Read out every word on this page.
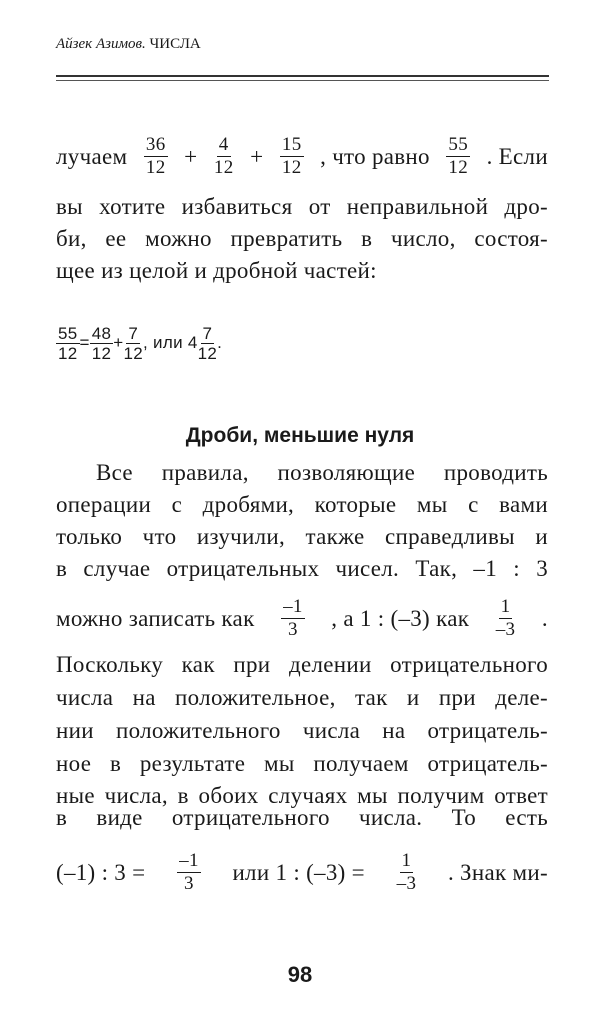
Айзек Азимов. ЧИСЛА
лучаем $\frac{36}{12} + \frac{4}{12} + \frac{15}{12}$ , что равно $\frac{55}{12}$ . Если
вы хотите избавиться от неправильной дро-
би, ее можно превратить в число, состоя-
щее из целой и дробной частей:
$\frac{55}{12} = \frac{48}{12} + \frac{7}{12}$ , или $4 \frac{7}{12}$ .
Дроби, меньшие нуля
Все правила, позволяющие проводить
операции с дробями, которые мы с вами
только что изучили, также справедливы и
в случае отрицательных чисел. Так, –1 : 3
можно записать как $\frac{-1}{3}$ , а 1 : (–3) как $\frac{1}{-3}$ .
Поскольку как при делении отрицательного
числа на положительное, так и при деле-
нии положительного числа на отрицатель-
ное в результате мы получаем отрицатель-
ные числа, в обоих случаях мы получим ответ
в виде отрицательного числа. То есть
(–1) : $3 = \frac{-1}{3}$ или 1 : $(-3) = \frac{1}{-3}$ . Знак ми-
98
